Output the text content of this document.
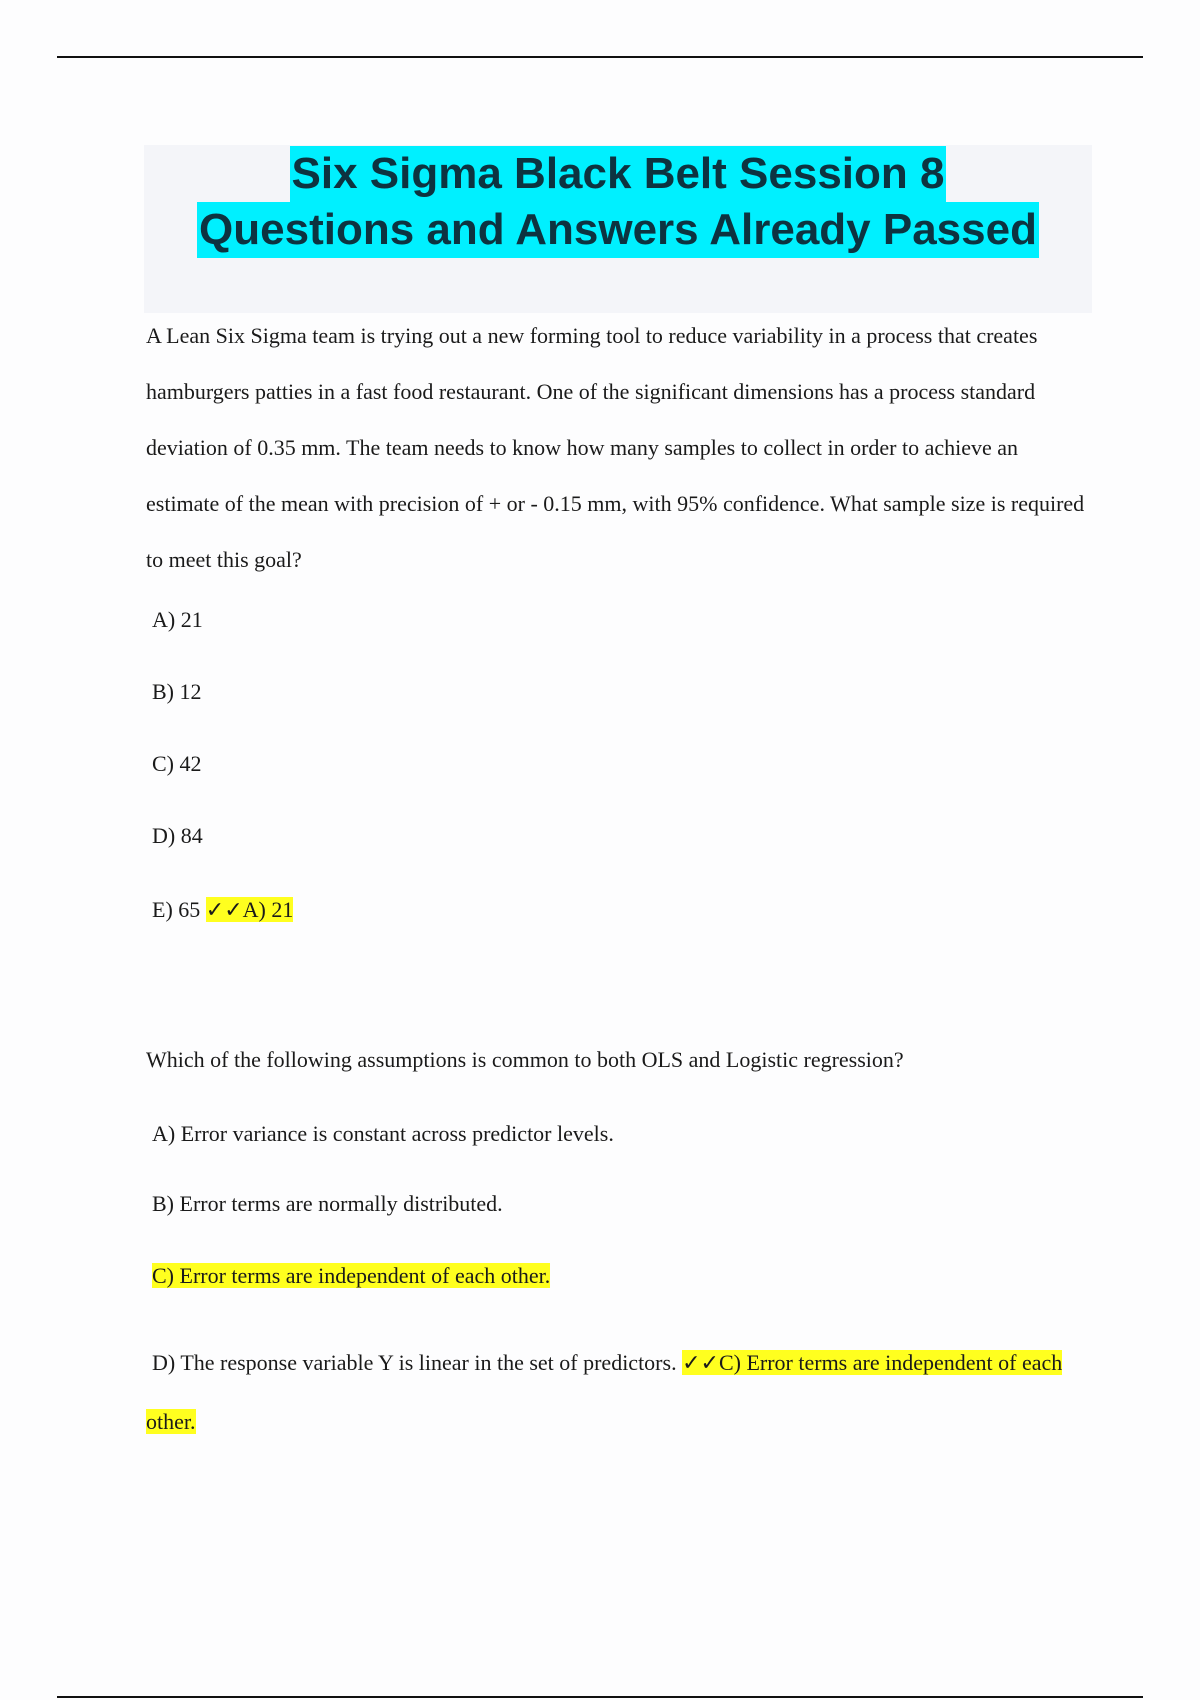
Six Sigma Black Belt Session 8
Questions and Answers Already Passed
A Lean Six Sigma team is trying out a new forming tool to reduce variability in a process that creates hamburgers patties in a fast food restaurant. One of the significant dimensions has a process standard deviation of 0.35 mm. The team needs to know how many samples to collect in order to achieve an estimate of the mean with precision of + or - 0.15 mm, with 95% confidence. What sample size is required to meet this goal?
A) 21
B) 12
C) 42
D) 84
E) 65 ✓✓A) 21
Which of the following assumptions is common to both OLS and Logistic regression?
A) Error variance is constant across predictor levels.
B) Error terms are normally distributed.
C) Error terms are independent of each other.
D) The response variable Y is linear in the set of predictors. ✓✓C) Error terms are independent of each other.
